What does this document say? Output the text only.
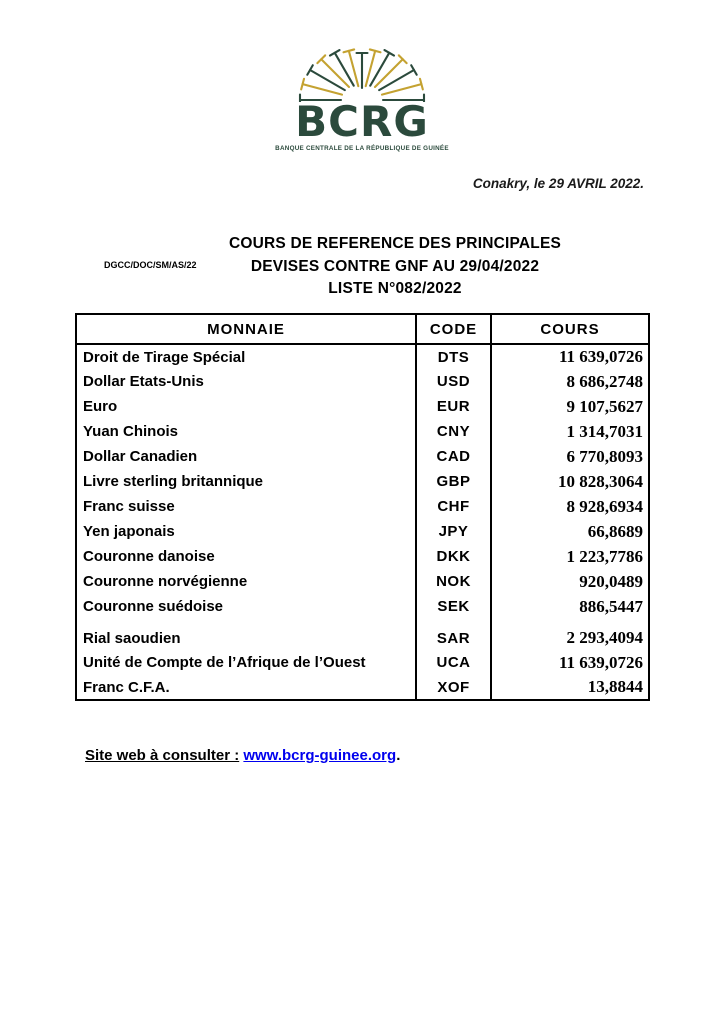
BCRG
BANQUE CENTRALE DE LA RÉPUBLIQUE DE GUINÉE
Conakry, le 29 AVRIL 2022.
DGCC/DOC/SM/AS/22
COURS DE REFERENCE DES PRINCIPALES
DEVISES CONTRE GNF AU 29/04/2022
LISTE N°082/2022
MONNAIE	CODE	COURS
Droit de Tirage Spécial	DTS	11 639,0726
Dollar Etats-Unis	USD	8 686,2748
Euro	EUR	9 107,5627
Yuan Chinois	CNY	1 314,7031
Dollar Canadien	CAD	6 770,8093
Livre sterling britannique	GBP	10 828,3064
Franc suisse	CHF	8 928,6934
Yen japonais	JPY	66,8689
Couronne danoise	DKK	1 223,7786
Couronne norvégienne	NOK	920,0489
Couronne suédoise	SEK	886,5447
Rial saoudien	SAR	2 293,4094
Unité de Compte de l’Afrique de l’Ouest	UCA	11 639,0726
Franc C.F.A.	XOF	13,8844
Site web à consulter : www.bcrg-guinee.org.
